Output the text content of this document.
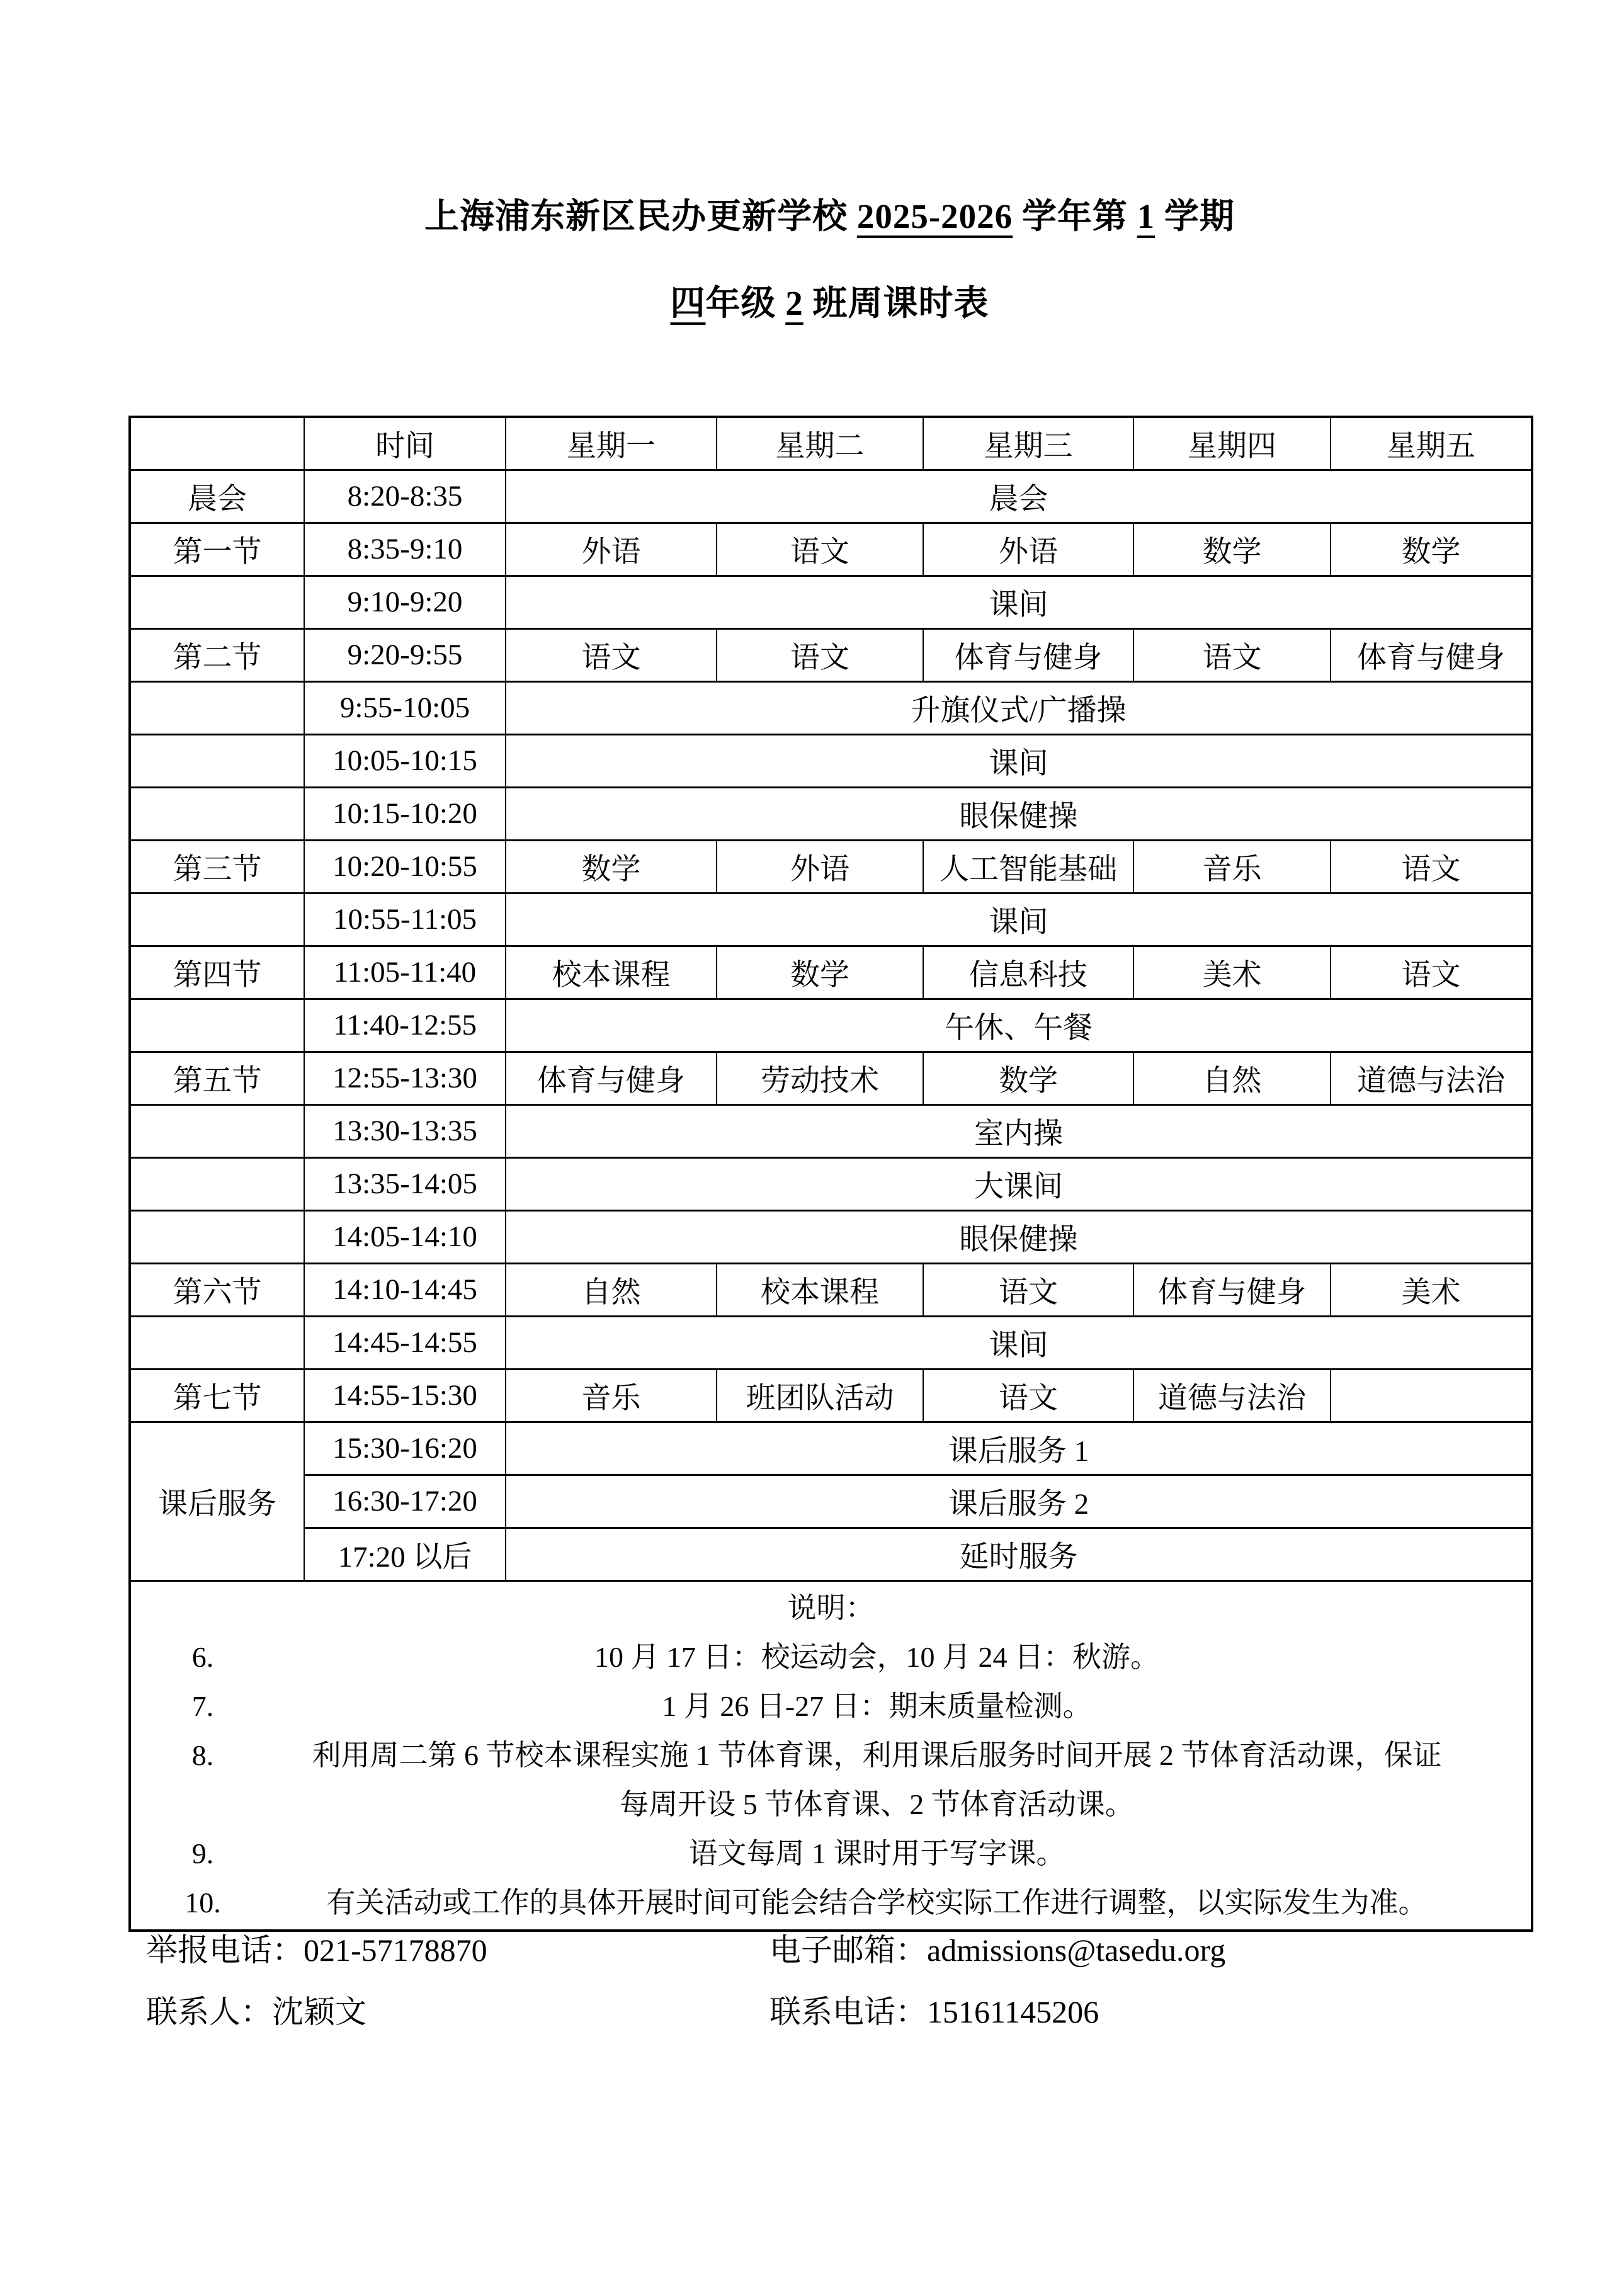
上海浦东新区民办更新学校 2025-2026 学年第 1 学期
四年级 2 班周课时表
	时间	星期一	星期二	星期三	星期四	星期五
晨会	8:20-8:35	晨会				
第一节	8:35-9:10	外语	语文	外语	数学	数学
	9:10-9:20	课间				
第二节	9:20-9:55	语文	语文	体育与健身	语文	体育与健身
	9:55-10:05	升旗仪式/广播操				
	10:05-10:15	课间				
	10:15-10:20	眼保健操				
第三节	10:20-10:55	数学	外语	人工智能基础	音乐	语文
	10:55-11:05	课间				
第四节	11:05-11:40	校本课程	数学	信息科技	美术	语文
	11:40-12:55	午休、午餐				
第五节	12:55-13:30	体育与健身	劳动技术	数学	自然	道德与法治
	13:30-13:35	室内操				
	13:35-14:05	大课间				
	14:05-14:10	眼保健操				
第六节	14:10-14:45	自然	校本课程	语文	体育与健身	美术
	14:45-14:55	课间				
第七节	14:55-15:30	音乐	班团队活动	语文	道德与法治	
课后服务	15:30-16:20	课后服务 1				
	16:30-17:20	课后服务 2				
	17:20 以后	延时服务				

说明：
6.	10 月 17 日：校运动会，10 月 24 日：秋游。
7.	1 月 26 日-27 日：期末质量检测。
8.	利用周二第 6 节校本课程实施 1 节体育课，利用课后服务时间开展 2 节体育活动课，保证
每周开设 5 节体育课、2 节体育活动课。
9.	语文每周 1 课时用于写字课。
10.	有关活动或工作的具体开展时间可能会结合学校实际工作进行调整，以实际发生为准。
举报电话：021-57178870	电子邮箱：admissions@tasedu.org
联系人：沈颖文	联系电话：15161145206
